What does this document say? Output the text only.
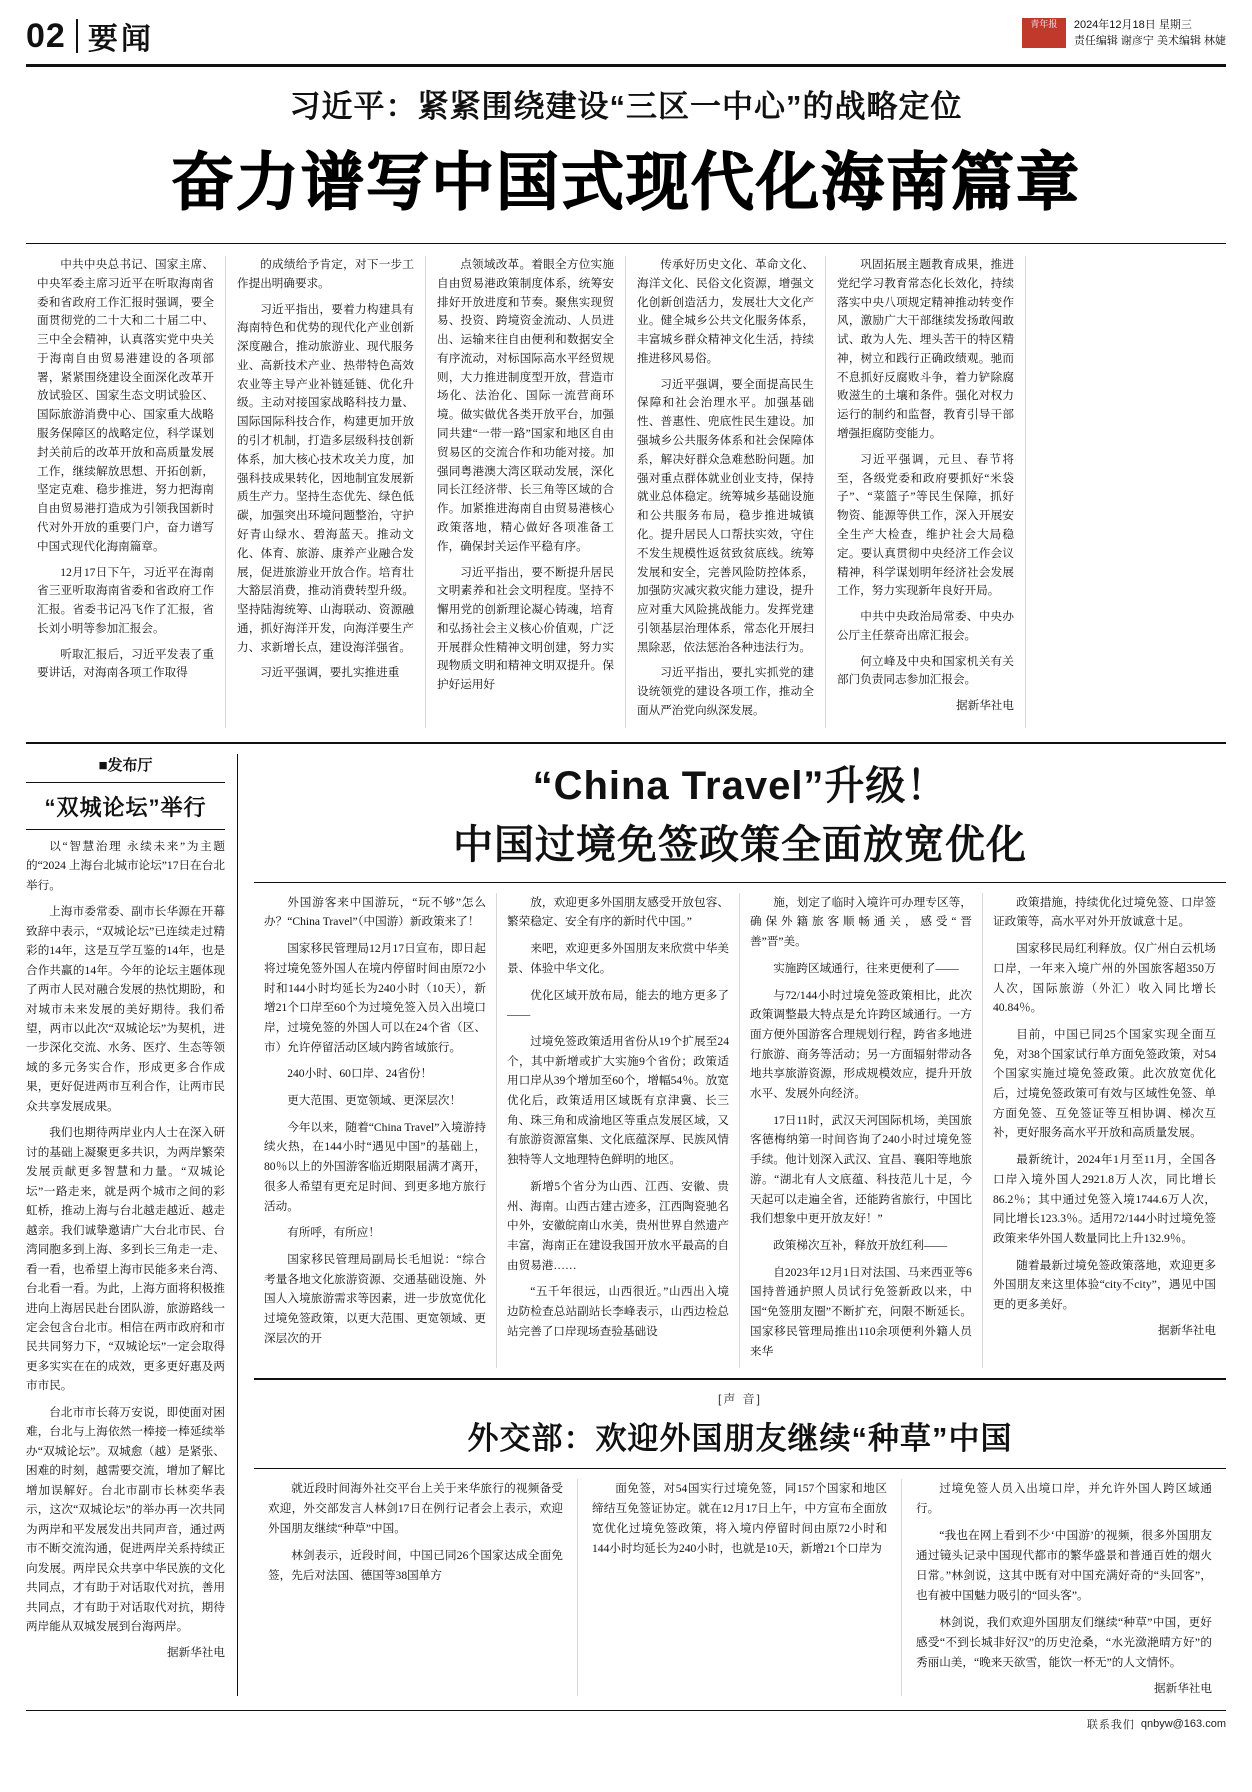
02 要闻	青年报	2024年12月18日 星期三
责任编辑 谢彦宁 美术编辑 林婕
习近平：紧紧围绕建设“三区一中心”的战略定位
奋力谱写中国式现代化海南篇章

中共中央总书记、国家主席、中央军委主席习近平在听取海南省委和省政府工作汇报时强调，要全面贯彻党的二十大和二十届二中、三中全会精神，认真落实党中央关于海南自由贸易港建设的各项部署，紧紧围绕建设全面深化改革开放试验区、国家生态文明试验区、国际旅游消费中心、国家重大战略服务保障区的战略定位，科学谋划封关前后的改革开放和高质量发展工作，继续解放思想、开拓创新，坚定克难、稳步推进，努力把海南自由贸易港打造成为引领我国新时代对外开放的重要门户，奋力谱写中国式现代化海南篇章。

12月17日下午，习近平在海南省三亚听取海南省委和省政府工作汇报。省委书记冯飞作了汇报，省长刘小明等参加汇报会。

听取汇报后，习近平发表了重要讲话，对海南各项工作取得

的成绩给予肯定，对下一步工作提出明确要求。

习近平指出，要着力构建具有海南特色和优势的现代化产业创新深度融合，推动旅游业、现代服务业、高新技术产业、热带特色高效农业等主导产业补链延链、优化升级。主动对接国家战略科技力量、国际国际科技合作，构建更加开放的引才机制，打造多层级科技创新体系，加大核心技术攻关力度，加强科技成果转化，因地制宜发展新质生产力。坚持生态优先、绿色低碳，加强突出环境问题整治，守护好青山绿水、碧海蓝天。推动文化、体育、旅游、康养产业融合发展，促进旅游业开放合作。培育壮大豁层消费，推动消费转型升级。坚持陆海统筹、山海联动、资源融通，抓好海洋开发，向海洋要生产力、求新增长点，建设海洋强省。

习近平强调，要扎实推进重

点领域改革。着眼全方位实施自由贸易港政策制度体系，统筹安排好开放进度和节奏。聚焦实现贸易、投资、跨境资金流动、人员进出、运输来往自由便利和数据安全有序流动，对标国际高水平经贸规则，大力推进制度型开放，营造市场化、法治化、国际一流营商环境。做实做优各类开放平台，加强同共建“一带一路”国家和地区自由贸易区的交流合作和功能对接。加强同粤港澳大湾区联动发展，深化同长江经济带、长三角等区域的合作。加紧推进海南自由贸易港核心政策落地，精心做好各项准备工作，确保封关运作平稳有序。

习近平指出，要不断提升居民文明素养和社会文明程度。坚持不懈用党的创新理论凝心铸魂，培育和弘扬社会主义核心价值观，广泛开展群众性精神文明创建，努力实现物质文明和精神文明双提升。保护好运用好

传承好历史文化、革命文化、海洋文化、民俗文化资源，增强文化创新创造活力，发展壮大文化产业。健全城乡公共文化服务体系，丰富城乡群众精神文化生活，持续推进移风易俗。

习近平强调，要全面提高民生保障和社会治理水平。加强基础性、普惠性、兜底性民生建设。加强城乡公共服务体系和社会保障体系，解决好群众急难愁盼问题。加强对重点群体就业创业支持，保持就业总体稳定。统筹城乡基础设施和公共服务布局，稳步推进城镇化。提升居民人口帮扶实效，守住不发生规模性返贫致贫底线。统筹发展和安全，完善风险防控体系，加强防灾减灾救灾能力建设，提升应对重大风险挑战能力。发挥党建引领基层治理体系，常态化开展扫黑除恶，依法惩治各种违法行为。

习近平指出，要扎实抓党的建设统领党的建设各项工作，推动全面从严治党向纵深发展。

巩固拓展主题教育成果，推进党纪学习教育常态化长效化，持续落实中央八项规定精神推动转变作风，激励广大干部继续发扬敢闯敢试、敢为人先、埋头苦干的特区精神，树立和践行正确政绩观。驰而不息抓好反腐败斗争，着力铲除腐败滋生的土壤和条件。强化对权力运行的制约和监督，教育引导干部增强拒腐防变能力。

习近平强调，元旦、春节将至，各级党委和政府要抓好“米袋子”、“菜篮子”等民生保障，抓好物资、能源等供工作，深入开展安全生产大检查，维护社会大局稳定。要认真贯彻中央经济工作会议精神，科学谋划明年经济社会发展工作，努力实现新年良好开局。

中共中央政治局常委、中央办公厅主任蔡奇出席汇报会。

何立峰及中央和国家机关有关部门负责同志参加汇报会。

据新华社电
■发布厅
“双城论坛”举行

以“智慧治理 永续未来”为主题的“2024 上海台北城市论坛”17日在台北举行。

上海市委常委、副市长华源在开幕致辞中表示，“双城论坛”已连续走过精彩的14年，这是互学互鉴的14年，也是合作共赢的14年。今年的论坛主题体现了两市人民对融合发展的热忱期盼，和对城市未来发展的美好期待。我们希望，两市以此次“双城论坛”为契机，进一步深化交流、水务、医疗、生态等领域的多元务实合作，形成更多合作成果，更好促进两市互利合作，让两市民众共享发展成果。

我们也期待两岸业内人士在深入研讨的基础上凝聚更多共识，为两岸繁荣发展贡献更多智慧和力量。“双城论坛”一路走来，就是两个城市之间的彩虹桥，推动上海与台北越走越近、越走越亲。我们诚挚邀请广大台北市民、台湾同胞多到上海、多到长三角走一走、看一看，也希望上海市民能多来台湾、台北看一看。为此，上海方面将积极推进向上海居民赴台团队游，旅游路线一定会包含台北市。相信在两市政府和市民共同努力下，“双城论坛”一定会取得更多实实在在的成效，更多更好惠及两市市民。

台北市市长蒋万安说，即使面对困难，台北与上海依然一棒接一棒延续举办“双城论坛”。双城愈（越）是紧张、困难的时刻，越需要交流，增加了解比增加误解好。台北市副市长林奕华表示，这次“双城论坛”的举办再一次共同为两岸和平发展发出共同声音，通过两市不断交流沟通，促进两岸关系持续正向发展。两岸民众共享中华民族的文化共同点，才有助于对话取代对抗，善用共同点，才有助于对话取代对抗，期待两岸能从双城发展到台海两岸。

据新华社电
“China Travel”升级！
中国过境免签政策全面放宽优化

外国游客来中国游玩，“玩不够”怎么办？“China Travel”（中国游）新政策来了！

国家移民管理局12月17日宣布，即日起将过境免签外国人在境内停留时间由原72小时和144小时均延长为240小时（10天），新增21个口岸至60个为过境免签入员入出境口岸，过境免签的外国人可以在24个省（区、市）允许停留活动区域内跨省域旅行。

240小时、60口岸、24省份！

更大范围、更宽领域、更深层次！

今年以来，随着“China Travel”入境游持续火热，在144小时“遇见中国”的基础上，80％以上的外国游客临近期限届满才离开，很多人希望有更充足时间、到更多地方旅行活动。

有所呼，有所应！

国家移民管理局副局长毛旭说：“综合考量各地文化旅游资源、交通基础设施、外国人入境旅游需求等因素，进一步放宽优化过境免签政策，以更大范围、更宽领域、更深层次的开

放，欢迎更多外国朋友感受开放包容、繁荣稳定、安全有序的新时代中国。”

来吧，欢迎更多外国朋友来欣赏中华美景、体验中华文化。

优化区域开放布局，能去的地方更多了——

过境免签政策适用省份从19个扩展至24个，其中新增或扩大实施9个省份；政策适用口岸从39个增加至60个，增幅54％。放宽优化后，政策适用区域既有京津冀、长三角、珠三角和成渝地区等重点发展区域，又有旅游资源富集、文化底蕴深厚、民族风情独特等人文地理特色鲜明的地区。

新增5个省分为山西、江西、安徽、贵州、海南。山西古建古迹多，江西陶瓷驰名中外，安徽皖南山水美，贵州世界自然遗产丰富，海南正在建设我国开放水平最高的自由贸易港……

“五千年很远，山西很近。”山西出入境边防检查总站副站长李峰表示，山西边检总站完善了口岸现场查验基础设

施，划定了临时入境许可办理专区等，确保外籍旅客顺畅通关，感受“晋善”晋”美。

实施跨区域通行，往来更便利了——

与72/144小时过境免签政策相比，此次政策调整最大特点是允许跨区域通行。一方面方便外国游客合理规划行程，跨省多地进行旅游、商务等活动；另一方面辐射带动各地共享旅游资源，形成规模效应，提升开放水平、发展外向经济。

17日11时，武汉天河国际机场，美国旅客德梅纳第一时间咨询了240小时过境免签手续。他计划深入武汉、宜昌、襄阳等地旅游。“湖北有人文底蕴、科技范儿十足，今天起可以走遍全省，还能跨省旅行，中国比我们想象中更开放友好！”

政策梯次互补，释放开放红利——

自2023年12月1日对法国、马来西亚等6国持普通护照人员试行免签新政以来，中国“免签朋友圈”不断扩充，问限不断延长。国家移民管理局推出110余项便利外籍人员来华

政策措施，持续优化过境免签、口岸签证政策等，高水平对外开放诚意十足。

国家移民局红利释放。仅广州白云机场口岸，一年来入境广州的外国旅客超350万人次，国际旅游（外汇）收入同比增长40.84％。

目前，中国已同25个国家实现全面互免，对38个国家试行单方面免签政策，对54个国家实施过境免签政策。此次放宽优化后，过境免签政策可有效与区域性免签、单方面免签、互免签证等互相协调、梯次互补，更好服务高水平开放和高质量发展。

最新统计，2024年1月至11月，全国各口岸入境外国人2921.8万人次，同比增长86.2％；其中通过免签入境1744.6万人次，同比增长123.3％。适用72/144小时过境免签政策来华外国人数量同比上升132.9％。

随着最新过境免签政策落地，欢迎更多外国朋友来这里体验“city不city”，遇见中国更的更多美好。

据新华社电
[声 音]
外交部：欢迎外国朋友继续“种草”中国

就近段时间海外社交平台上关于来华旅行的视频备受欢迎，外交部发言人林剑17日在例行记者会上表示，欢迎外国朋友继续“种草”中国。

林剑表示，近段时间，中国已同26个国家达成全面免签，先后对法国、德国等38国单方

面免签，对54国实行过境免签，同157个国家和地区缔结互免签证协定。就在12月17日上午，中方宣布全面放宽优化过境免签政策，将入境内停留时间由原72小时和144小时均延长为240小时，也就是10天，新增21个口岸为

过境免签人员入出境口岸，并允许外国人跨区域通行。

“我也在网上看到不少‘中国游’的视频，很多外国朋友通过镜头记录中国现代都市的繁华盛景和普通百姓的烟火日常。”林剑说，这其中既有对中国充满好奇的“头回客”，也有被中国魅力吸引的“回头客”。

林剑说，我们欢迎外国朋友们继续“种草”中国，更好感受“不到长城非好汉”的历史沧桑，“水光潋滟晴方好”的秀丽山美，“晚来天欲雪，能饮一杯无”的人文情怀。

据新华社电
联系我们 qnbyw@163.com
